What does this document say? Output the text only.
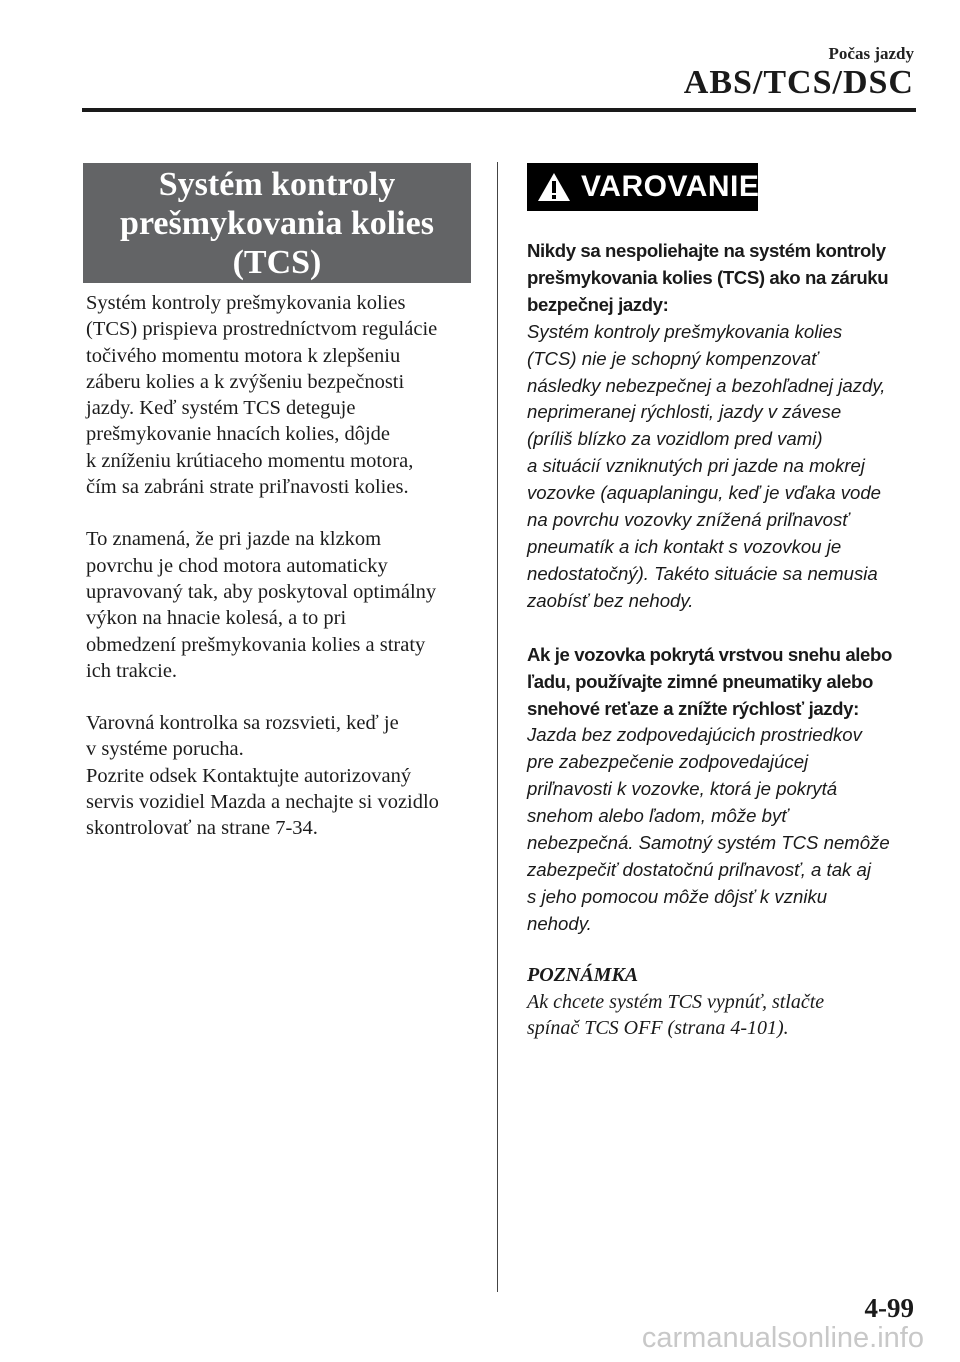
Počas jazdy
ABS/TCS/DSC
Systém kontroly
prešmykovania kolies
(TCS)

Systém kontroly prešmykovania kolies
(TCS) prispieva prostredníctvom regulácie
točivého momentu motora k zlepšeniu
záberu kolies a k zvýšeniu bezpečnosti
jazdy. Keď systém TCS deteguje
prešmykovanie hnacích kolies, dôjde
k zníženiu krútiaceho momentu motora,
čím sa zabráni strate priľnavosti kolies.

To znamená, že pri jazde na klzkom
povrchu je chod motora automaticky
upravovaný tak, aby poskytoval optimálny
výkon na hnacie kolesá, a to pri
obmedzení prešmykovania kolies a straty
ich trakcie.

Varovná kontrolka sa rozsvieti, keď je
v systéme porucha.
Pozrite odsek Kontaktujte autorizovaný
servis vozidiel Mazda a nechajte si vozidlo
skontrolovať na strane 7-34.

VAROVANIE
Nikdy sa nespoliehajte na systém kontroly
prešmykovania kolies (TCS) ako na záruku
bezpečnej jazdy:
Systém kontroly prešmykovania kolies
(TCS) nie je schopný kompenzovať
následky nebezpečnej a bezohľadnej jazdy,
neprimeranej rýchlosti, jazdy v závese
(príliš blízko za vozidlom pred vami)
a situácií vzniknutých pri jazde na mokrej
vozovke (aquaplaningu, keď je vďaka vode
na povrchu vozovky znížená priľnavosť
pneumatík a ich kontakt s vozovkou je
nedostatočný). Takéto situácie sa nemusia
zaobísť bez nehody.
Ak je vozovka pokrytá vrstvou snehu alebo
ľadu, používajte zimné pneumatiky alebo
snehové reťaze a znížte rýchlosť jazdy:
Jazda bez zodpovedajúcich prostriedkov
pre zabezpečenie zodpovedajúcej
priľnavosti k vozovke, ktorá je pokrytá
snehom alebo ľadom, môže byť
nebezpečná. Samotný systém TCS nemôže
zabezpečiť dostatočnú priľnavosť, a tak aj
s jeho pomocou môže dôjsť k vzniku
nehody.
POZNÁMKA
Ak chcete systém TCS vypnúť, stlačte
spínač TCS OFF (strana 4-101).
4-99
carmanualsonline.info
